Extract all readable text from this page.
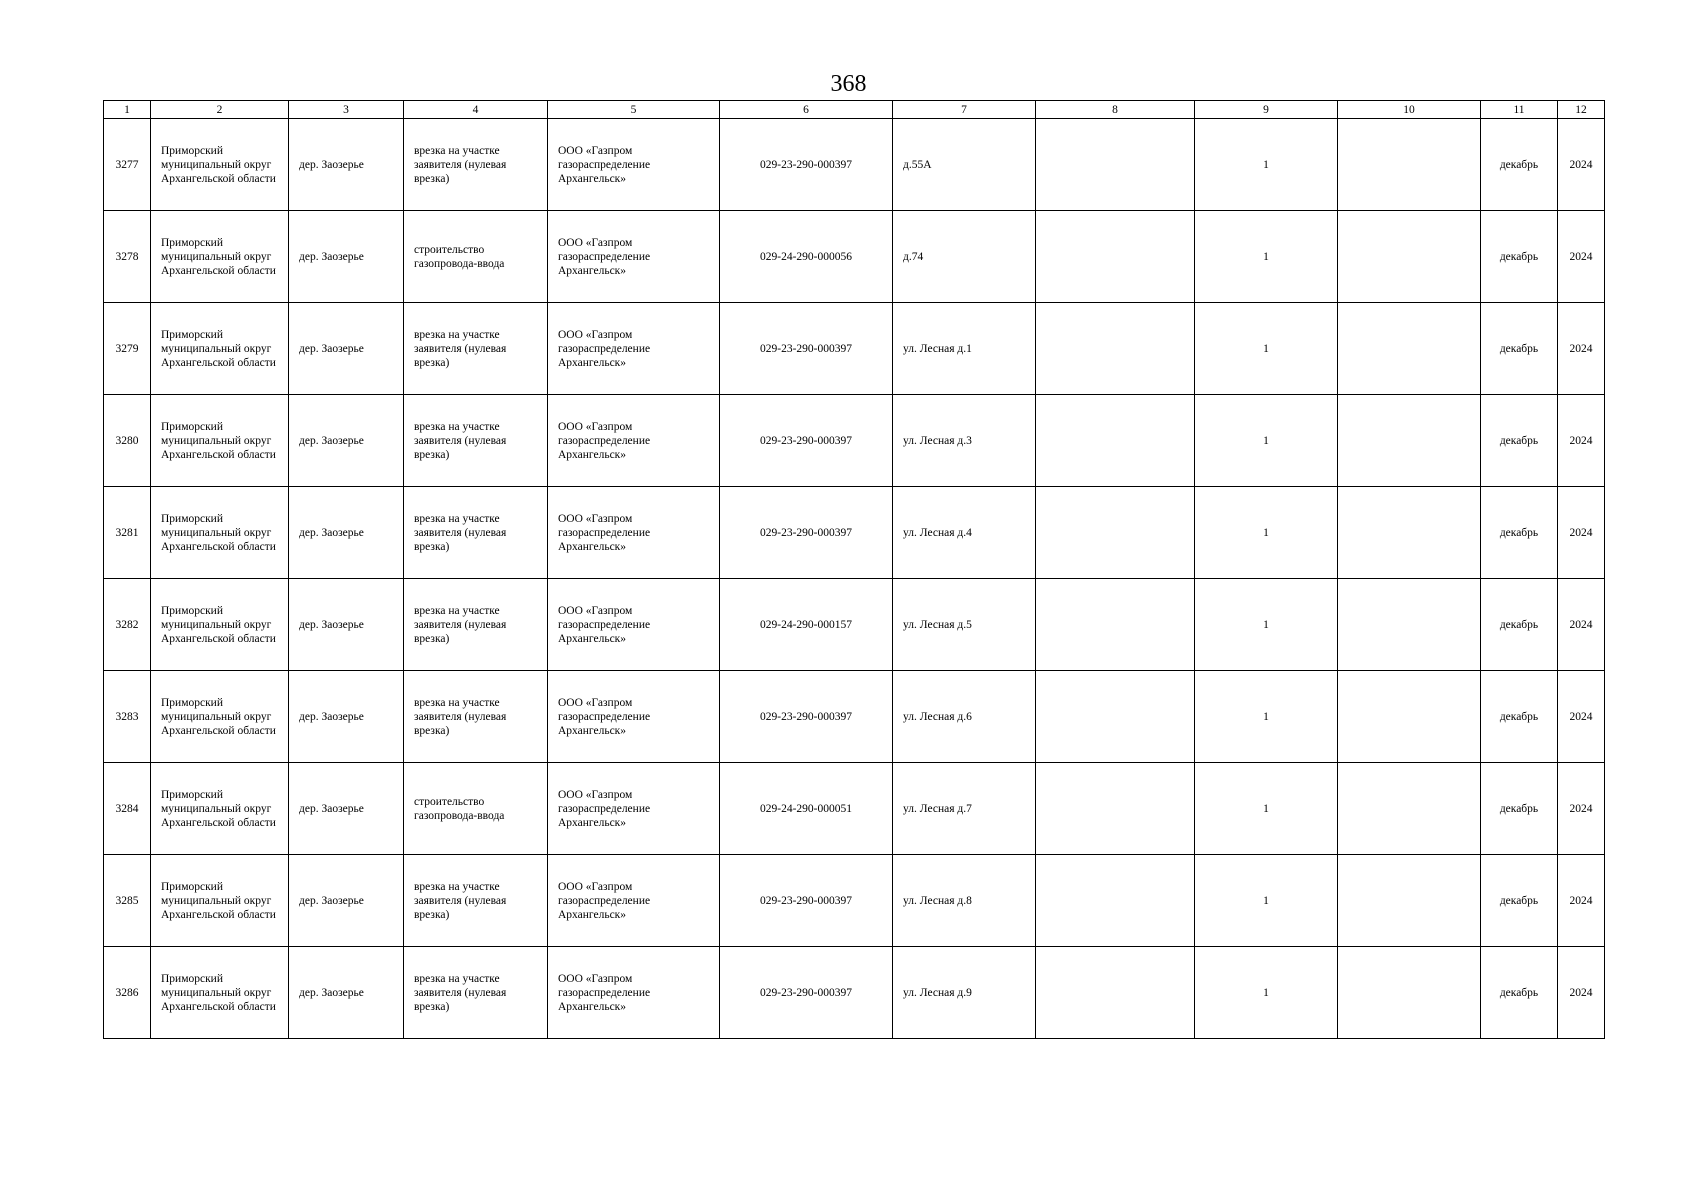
368
1	2	3	4	5	6	7	8	9	10	11	12
3277	Приморский муниципальный округ Архангельской области	дер. Заозерье	врезка на участке заявителя (нулевая врезка)	ООО «Газпром газораспределение Архангельск»	029-23-290-000397	д.55А		1		декабрь	2024
3278	Приморский муниципальный округ Архангельской области	дер. Заозерье	строительство газопровода-ввода	ООО «Газпром газораспределение Архангельск»	029-24-290-000056	д.74		1		декабрь	2024
3279	Приморский муниципальный округ Архангельской области	дер. Заозерье	врезка на участке заявителя (нулевая врезка)	ООО «Газпром газораспределение Архангельск»	029-23-290-000397	ул. Лесная д.1		1		декабрь	2024
3280	Приморский муниципальный округ Архангельской области	дер. Заозерье	врезка на участке заявителя (нулевая врезка)	ООО «Газпром газораспределение Архангельск»	029-23-290-000397	ул. Лесная д.3		1		декабрь	2024
3281	Приморский муниципальный округ Архангельской области	дер. Заозерье	врезка на участке заявителя (нулевая врезка)	ООО «Газпром газораспределение Архангельск»	029-23-290-000397	ул. Лесная д.4		1		декабрь	2024
3282	Приморский муниципальный округ Архангельской области	дер. Заозерье	врезка на участке заявителя (нулевая врезка)	ООО «Газпром газораспределение Архангельск»	029-24-290-000157	ул. Лесная д.5		1		декабрь	2024
3283	Приморский муниципальный округ Архангельской области	дер. Заозерье	врезка на участке заявителя (нулевая врезка)	ООО «Газпром газораспределение Архангельск»	029-23-290-000397	ул. Лесная д.6		1		декабрь	2024
3284	Приморский муниципальный округ Архангельской области	дер. Заозерье	строительство газопровода-ввода	ООО «Газпром газораспределение Архангельск»	029-24-290-000051	ул. Лесная д.7		1		декабрь	2024
3285	Приморский муниципальный округ Архангельской области	дер. Заозерье	врезка на участке заявителя (нулевая врезка)	ООО «Газпром газораспределение Архангельск»	029-23-290-000397	ул. Лесная д.8		1		декабрь	2024
3286	Приморский муниципальный округ Архангельской области	дер. Заозерье	врезка на участке заявителя (нулевая врезка)	ООО «Газпром газораспределение Архангельск»	029-23-290-000397	ул. Лесная д.9		1		декабрь	2024
